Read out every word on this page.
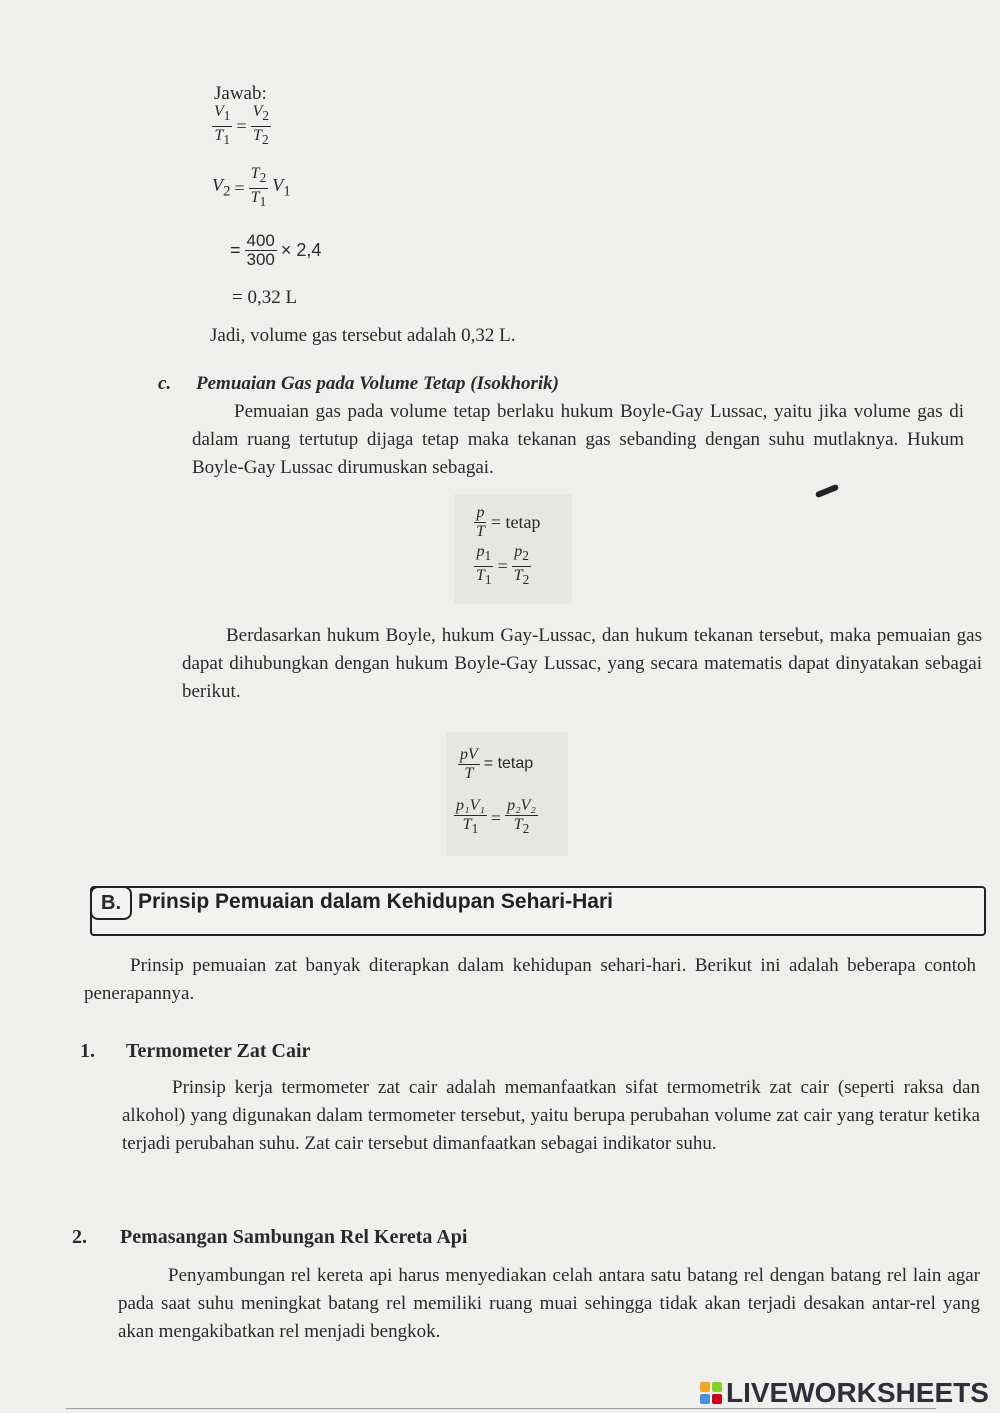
Jawab:
$\frac{V_1}{T_1} = \frac{V_2}{T_2}$
$V_2 = \frac{T_2}{T_1} V_1$
= $\frac{400}{300} \times 2,4$
= 0,32 L
Jadi, volume gas tersebut adalah 0,32 L.
c. Pemuaian Gas pada Volume Tetap (Isokhorik)
Pemuaian gas pada volume tetap berlaku hukum Boyle-Gay Lussac, yaitu jika volume gas di dalam ruang tertutup dijaga tetap maka tekanan gas sebanding dengan suhu mutlaknya. Hukum Boyle-Gay Lussac dirumuskan sebagai.
$\frac{p}{T}$ = tetap
$\frac{p_1}{T_1} = \frac{p_2}{T_2}$
Berdasarkan hukum Boyle, hukum Gay-Lussac, dan hukum tekanan tersebut, maka pemuaian gas dapat dihubungkan dengan hukum Boyle-Gay Lussac, yang secara matematis dapat dinyatakan sebagai berikut.
$\frac{pV}{T}$ = tetap
$\frac{\text{p₁V₁}}{T_1} = \frac{\text{p₂V₂}}{T_2}$
B. Prinsip Pemuaian dalam Kehidupan Sehari-Hari
Prinsip pemuaian zat banyak diterapkan dalam kehidupan sehari-hari. Berikut ini adalah beberapa contoh penerapannya.
1. Termometer Zat Cair
Prinsip kerja termometer zat cair adalah memanfaatkan sifat termometrik zat cair (seperti raksa dan alkohol) yang digunakan dalam termometer tersebut, yaitu berupa perubahan volume zat cair yang teratur ketika terjadi perubahan suhu. Zat cair tersebut dimanfaatkan sebagai indikator suhu.
2. Pemasangan Sambungan Rel Kereta Api
Penyambungan rel kereta api harus menyediakan celah antara satu batang rel dengan batang rel lain agar pada saat suhu meningkat batang rel memiliki ruang muai sehingga tidak akan terjadi desakan antar-rel yang akan mengakibatkan rel menjadi bengkok.
LIVEWORKSHEETS
